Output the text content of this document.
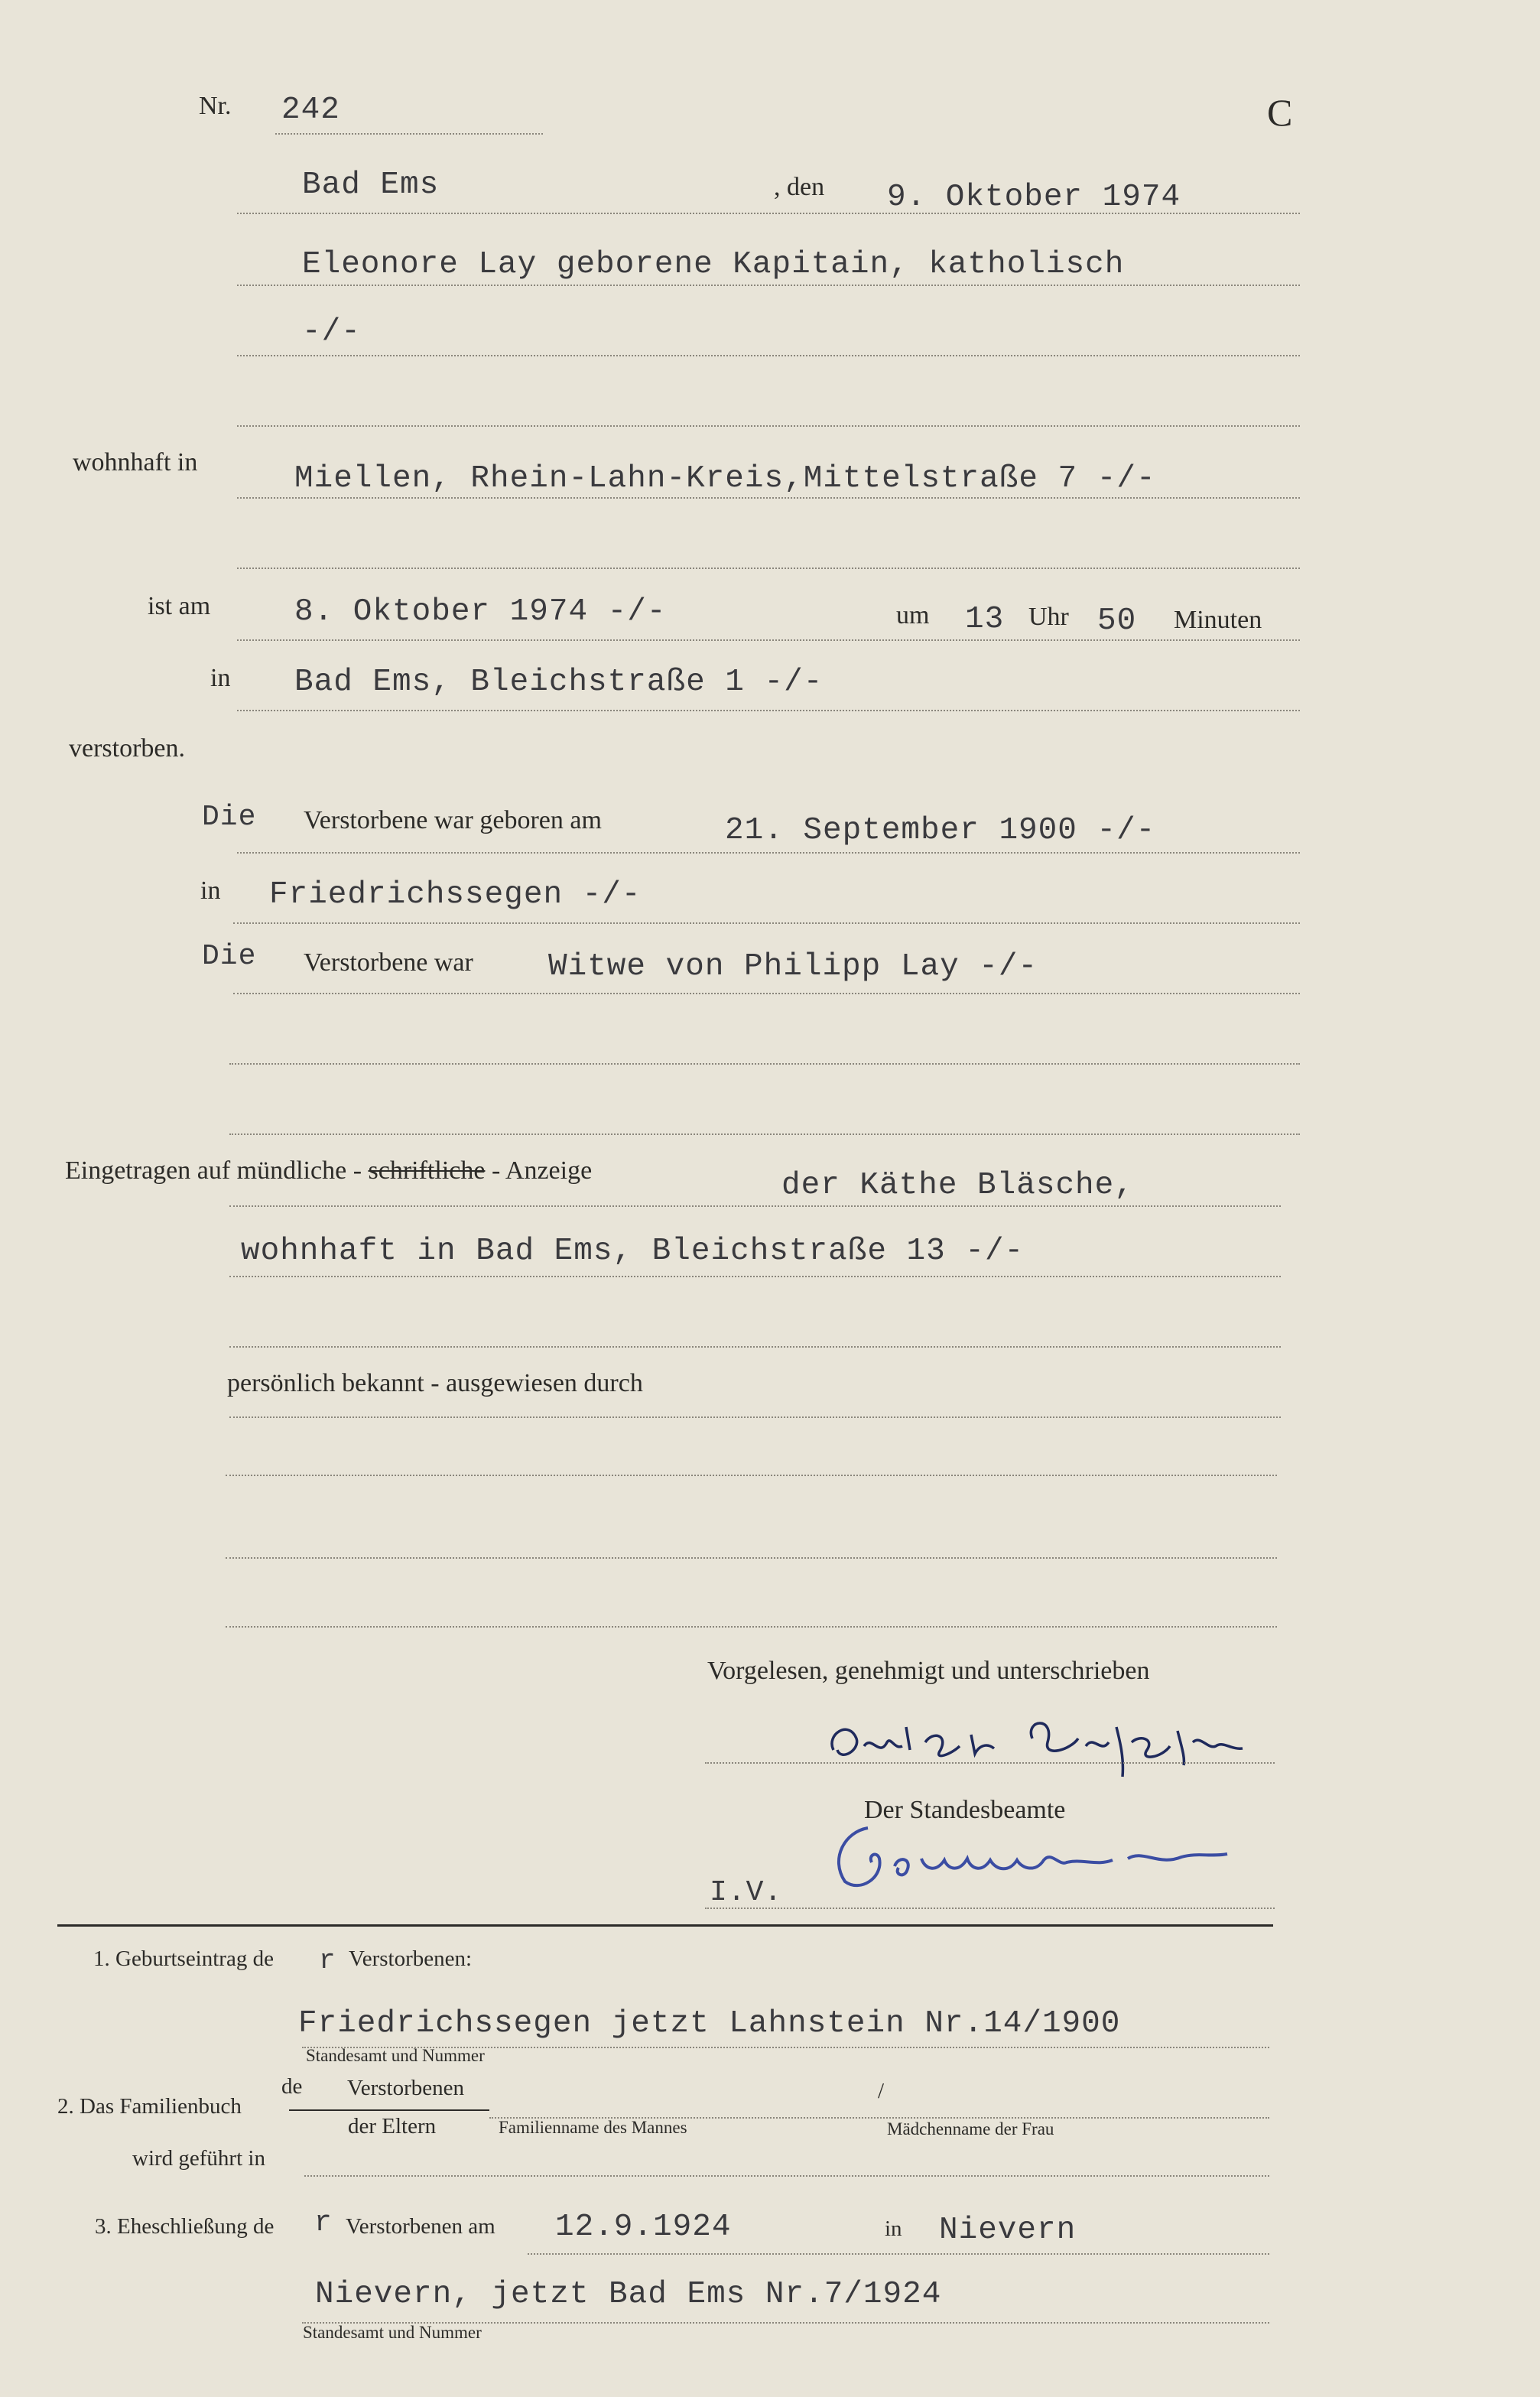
Nr. 242	C
Bad Ems	, den 9. Oktober 1974
Eleonore Lay geborene Kapitain, katholisch
-/-
wohnhaft in	Miellen, Rhein-Lahn-Kreis,Mittelstraße 7 -/-
ist am	8. Oktober 1974 -/-	um 13 Uhr 50 Minuten
in Bad Ems, Bleichstraße 1 -/-
verstorben.
Die Verstorbene war geboren am	21. September 1900 -/-
in Friedrichssegen -/-
Die Verstorbene war Witwe von Philipp Lay -/-
Eingetragen auf mündliche - schriftliche - Anzeige	der Käthe Bläsche,
wohnhaft in Bad Ems, Bleichstraße 13 -/-
persönlich bekannt - ausgewiesen durch
Vorgelesen, genehmigt und unterschrieben
Der Standesbeamte
I.V.
1. Geburtseintrag de r Verstorbenen:
Friedrichssegen jetzt Lahnstein Nr.14/1900
Standesamt und Nummer
de Verstorbenen
2. Das Familienbuch
/
der Eltern	Familienname des Mannes	Mädchenname der Frau
wird geführt in
3. Eheschließung de r Verstorbenen am 12.9.1924	in Nievern
Nievern, jetzt Bad Ems Nr.7/1924
Standesamt und Nummer
